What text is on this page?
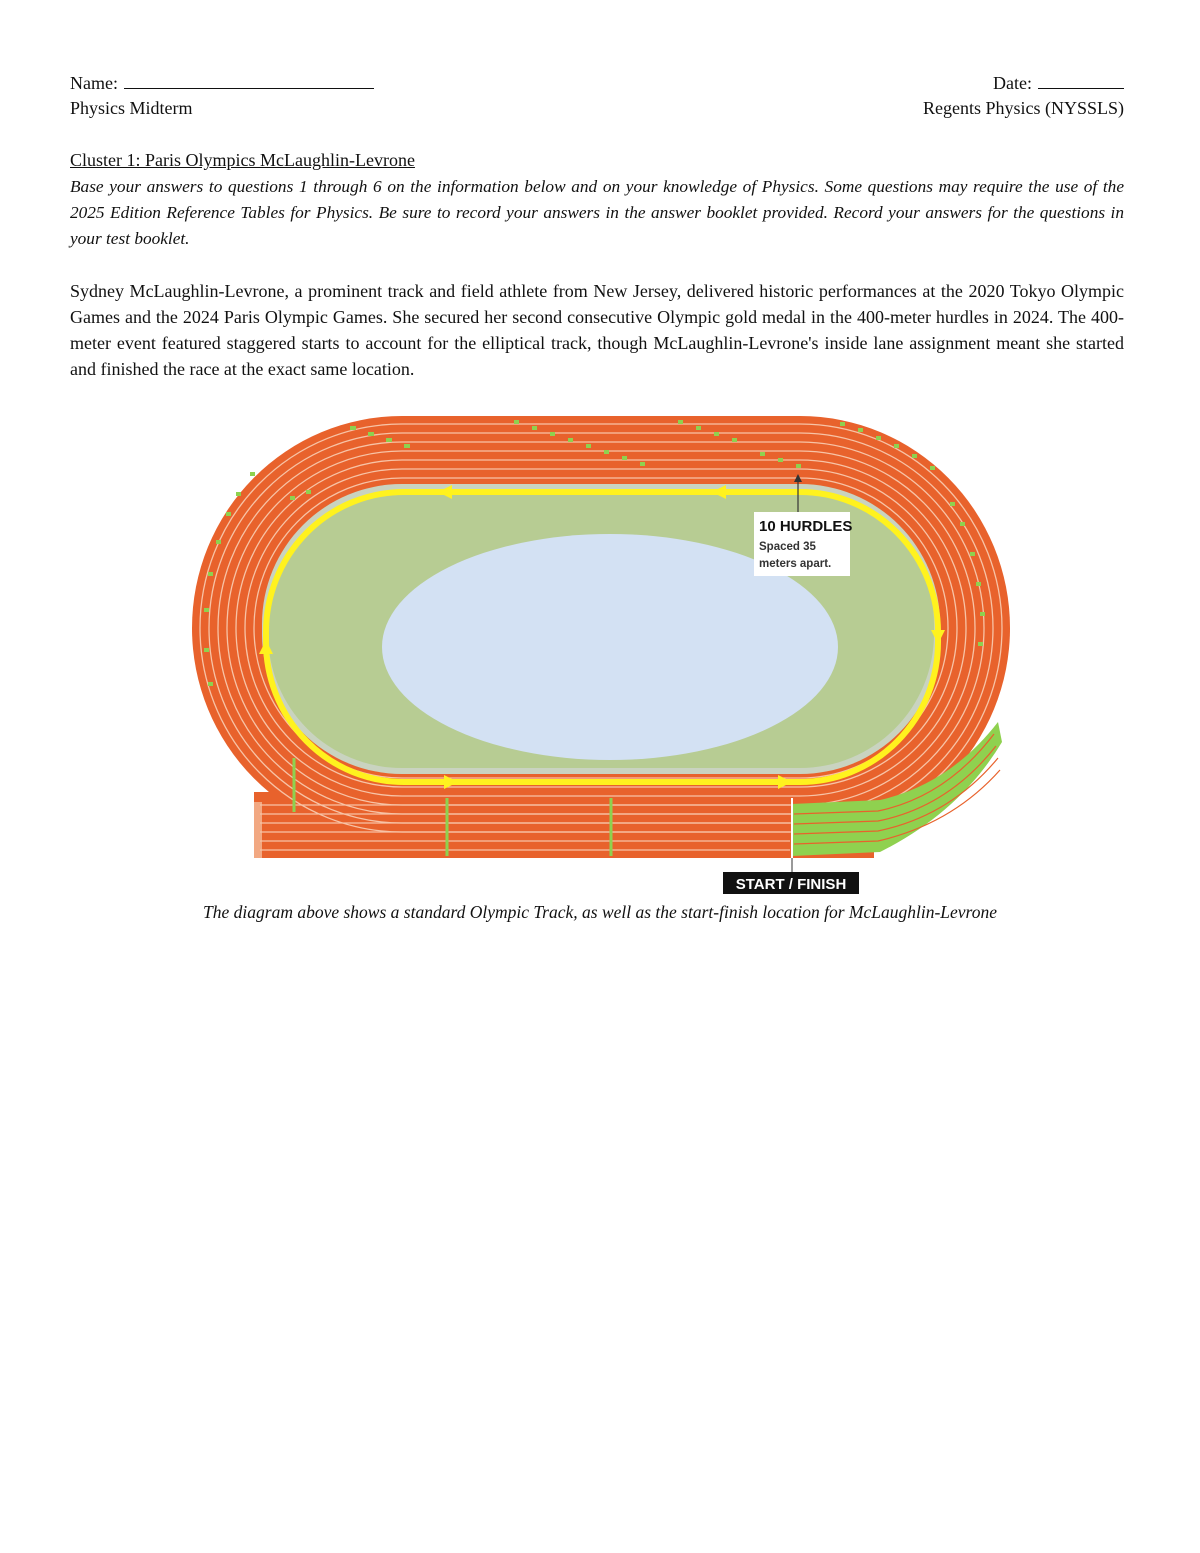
Name:	Date:
Physics Midterm	Regents Physics (NYSSLS)
Cluster 1: Paris Olympics McLaughlin-Levrone
Base your answers to questions 1 through 6 on the information below and on your knowledge of Physics. Some questions may require the use of the 2025 Edition Reference Tables for Physics. Be sure to record your answers in the answer booklet provided. Record your answers for the questions in your test booklet.
Sydney McLaughlin-Levrone, a prominent track and field athlete from New Jersey, delivered historic performances at the 2020 Tokyo Olympic Games and the 2024 Paris Olympic Games. She secured her second consecutive Olympic gold medal in the 400-meter hurdles in 2024. The 400-meter event featured staggered starts to account for the elliptical track, though McLaughlin-Levrone's inside lane assignment meant she started and finished the race at the exact same location.
10 HURDLES
Spaced 35
meters apart.
START / FINISH
The diagram above shows a standard Olympic Track, as well as the start-finish location for McLaughlin-Levrone
